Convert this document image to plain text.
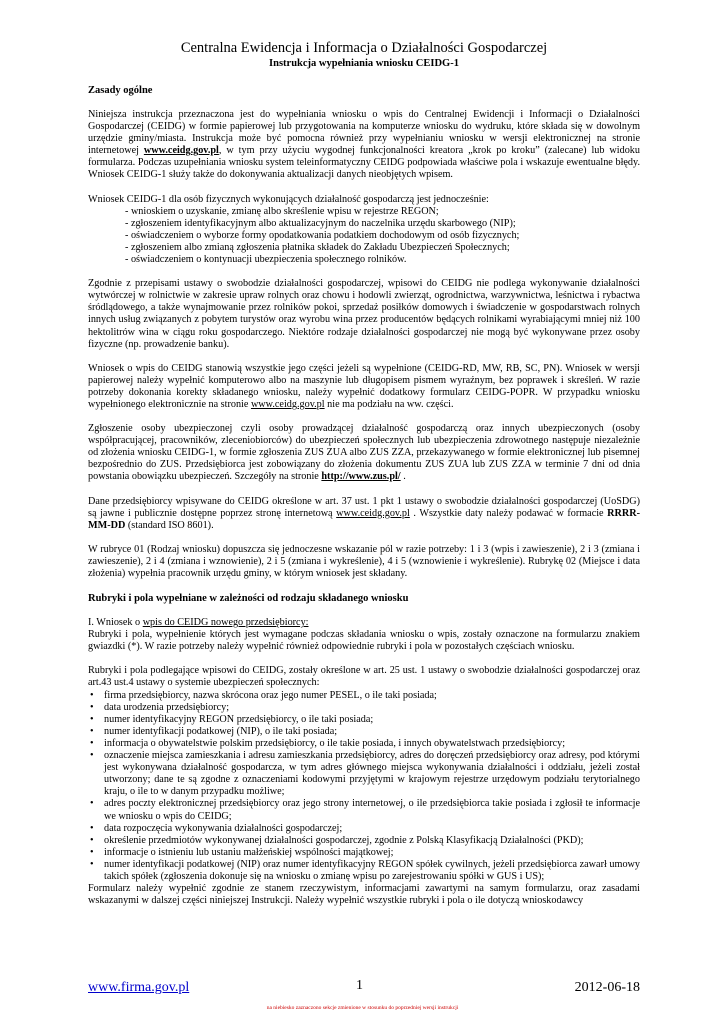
Centralna Ewidencja i Informacja o Działalności Gospodarczej
Instrukcja wypełniania wniosku CEIDG-1
Zasady ogólne

Niniejsza instrukcja przeznaczona jest do wypełniania wniosku o wpis do Centralnej Ewidencji i Informacji o Działalności Gospodarczej (CEIDG) w formie papierowej lub przygotowania na komputerze wniosku do wydruku, które składa się w dowolnym urzędzie gminy/miasta. Instrukcja może być pomocna również przy wypełnianiu wniosku w wersji elektronicznej na stronie internetowej www.ceidg.gov.pl, w tym przy użyciu wygodnej funkcjonalności kreatora „krok po kroku” (zalecane) lub widoku formularza. Podczas uzupełniania wniosku system teleinformatyczny CEIDG podpowiada właściwe pola i wskazuje ewentualne błędy. Wniosek CEIDG-1 służy także do dokonywania aktualizacji danych nieobjętych wpisem.

Wniosek CEIDG-1 dla osób fizycznych wykonujących działalność gospodarczą jest jednocześnie:

- wnioskiem o uzyskanie, zmianę albo skreślenie wpisu w rejestrze REGON;
- zgłoszeniem identyfikacyjnym albo aktualizacyjnym do naczelnika urzędu skarbowego (NIP);
- oświadczeniem o wyborze formy opodatkowania podatkiem dochodowym od osób fizycznych;
- zgłoszeniem albo zmianą zgłoszenia płatnika składek do Zakładu Ubezpieczeń Społecznych;
- oświadczeniem o kontynuacji ubezpieczenia społecznego rolników.

Zgodnie z przepisami ustawy o swobodzie działalności gospodarczej, wpisowi do CEIDG nie podlega wykonywanie działalności wytwórczej w rolnictwie w zakresie upraw rolnych oraz chowu i hodowli zwierząt, ogrodnictwa, warzywnictwa, leśnictwa i rybactwa śródlądowego, a także wynajmowanie przez rolników pokoi, sprzedaż posiłków domowych i świadczenie w gospodarstwach rolnych innych usług związanych z pobytem turystów oraz wyrobu wina przez producentów będących rolnikami wyrabiającymi mniej niż 100 hektolitrów wina w ciągu roku gospodarczego. Niektóre rodzaje działalności gospodarczej nie mogą być wykonywane przez osoby fizyczne (np. prowadzenie banku).

Wniosek o wpis do CEIDG stanowią wszystkie jego części jeżeli są wypełnione (CEIDG-RD, MW, RB, SC, PN). Wniosek w wersji papierowej należy wypełnić komputerowo albo na maszynie lub długopisem pismem wyraźnym, bez poprawek i skreśleń. W razie potrzeby dokonania korekty składanego wniosku, należy wypełnić dodatkowy formularz CEIDG-POPR. W przypadku wniosku wypełnionego elektronicznie na stronie www.ceidg.gov.pl nie ma podziału na ww. części.

Zgłoszenie osoby ubezpieczonej czyli osoby prowadzącej działalność gospodarczą oraz innych ubezpieczonych (osoby współpracującej, pracowników, zleceniobiorców) do ubezpieczeń społecznych lub ubezpieczenia zdrowotnego następuje niezależnie od złożenia wniosku CEIDG-1, w formie zgłoszenia ZUS ZUA albo ZUS ZZA, przekazywanego w formie elektronicznej lub pisemnej bezpośrednio do ZUS. Przedsiębiorca jest zobowiązany do złożenia dokumentu ZUS ZUA lub ZUS ZZA w terminie 7 dni od dnia powstania obowiązku ubezpieczeń. Szczegóły na stronie http://www.zus.pl/ .

Dane przedsiębiorcy wpisywane do CEIDG określone w art. 37 ust. 1 pkt 1 ustawy o swobodzie działalności gospodarczej (UoSDG) są jawne i publicznie dostępne poprzez stronę internetową www.ceidg.gov.pl . Wszystkie daty należy podawać w formacie RRRR-MM-DD (standard ISO 8601).

W rubryce 01 (Rodzaj wniosku) dopuszcza się jednoczesne wskazanie pól w razie potrzeby: 1 i 3 (wpis i zawieszenie), 2 i 3 (zmiana i zawieszenie), 2 i 4 (zmiana i wznowienie), 2 i 5 (zmiana i wykreślenie), 4 i 5 (wznowienie i wykreślenie). Rubrykę 02 (Miejsce i data złożenia) wypełnia pracownik urzędu gminy, w którym wniosek jest składany.

Rubryki i pola wypełniane w zależności od rodzaju składanego wniosku

I. Wniosek o wpis do CEIDG nowego przedsiębiorcy:
Rubryki i pola, wypełnienie których jest wymagane podczas składania wniosku o wpis, zostały oznaczone na formularzu znakiem gwiazdki (*). W razie potrzeby należy wypełnić również odpowiednie rubryki i pola w pozostałych częściach wniosku.

Rubryki i pola podlegające wpisowi do CEIDG, zostały określone w art. 25 ust. 1 ustawy o swobodzie działalności gospodarczej oraz art.43 ust.4 ustawy o systemie ubezpieczeń społecznych:

• firma przedsiębiorcy, nazwa skrócona oraz jego numer PESEL, o ile taki posiada;
• data urodzenia przedsiębiorcy;
• numer identyfikacyjny REGON przedsiębiorcy, o ile taki posiada;
• numer identyfikacji podatkowej (NIP), o ile taki posiada;
• informacja o obywatelstwie polskim przedsiębiorcy, o ile takie posiada, i innych obywatelstwach przedsiębiorcy;
• oznaczenie miejsca zamieszkania i adresu zamieszkania przedsiębiorcy, adres do doręczeń przedsiębiorcy oraz adresy, pod którymi jest wykonywana działalność gospodarcza, w tym adres głównego miejsca wykonywania działalności i oddziału, jeżeli został utworzony; dane te są zgodne z oznaczeniami kodowymi przyjętymi w krajowym rejestrze urzędowym podziału terytorialnego kraju, o ile to w danym przypadku możliwe;
• adres poczty elektronicznej przedsiębiorcy oraz jego strony internetowej, o ile przedsiębiorca takie posiada i zgłosił te informacje we wniosku o wpis do CEIDG;
• data rozpoczęcia wykonywania działalności gospodarczej;
• określenie przedmiotów wykonywanej działalności gospodarczej, zgodnie z Polską Klasyfikacją Działalności (PKD);
• informacje o istnieniu lub ustaniu małżeńskiej wspólności majątkowej;
• numer identyfikacji podatkowej (NIP) oraz numer identyfikacyjny REGON spółek cywilnych, jeżeli przedsiębiorca zawarł umowy takich spółek (zgłoszenia dokonuje się na wniosku o zmianę wpisu po zarejestrowaniu spółki w GUS i US);

Formularz należy wypełnić zgodnie ze stanem rzeczywistym, informacjami zawartymi na samym formularzu, oraz zasadami wskazanymi w dalszej części niniejszej Instrukcji. Należy wypełnić wszystkie rubryki i pola o ile dotyczą wnioskodawcy

www.firma.gov.pl	1	2012-06-18
na niebiesko zaznaczono sekcje zmienione w stosunku do poprzedniej wersji instrukcji
